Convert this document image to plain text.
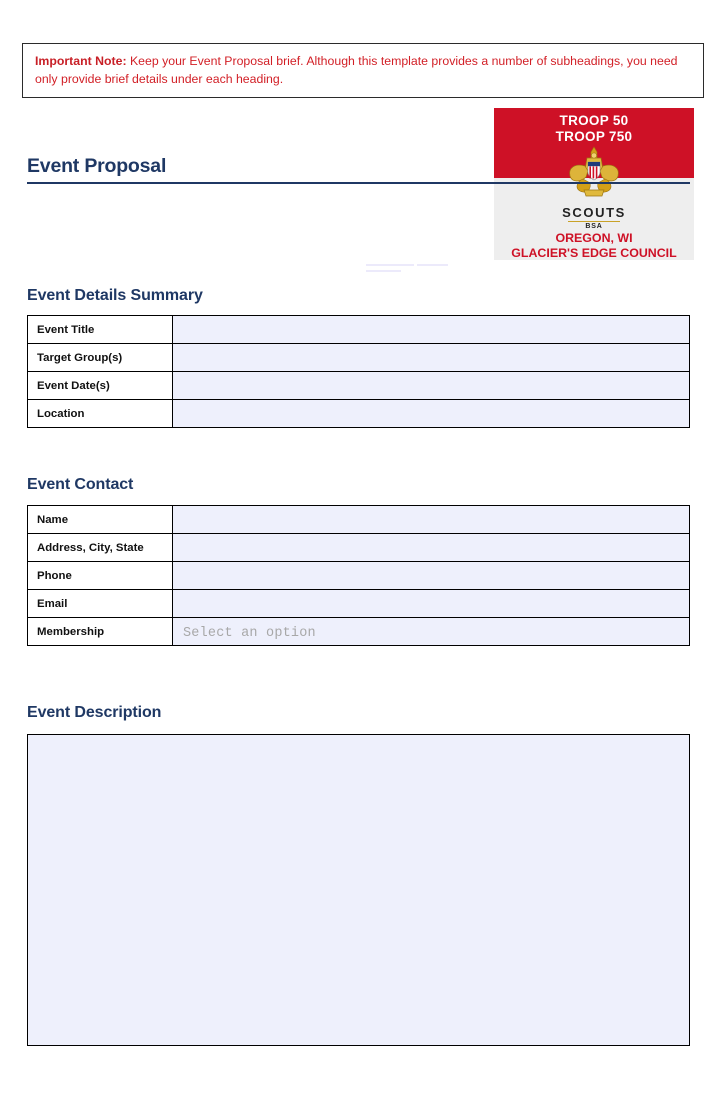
Important Note: Keep your Event Proposal brief. Although this template provides a number of subheadings, you need only provide brief details under each heading.
TROOP 50
TROOP 750
SCOUTS
BSA
OREGON, WI
GLACIER'S EDGE COUNCIL
Event Proposal
Event Details Summary
Event Title	
Target Group(s)	
Event Date(s)	
Location	
Event Contact
Name	
Address, City, State	
Phone	
Email	
Membership	Select an option
Event Description
